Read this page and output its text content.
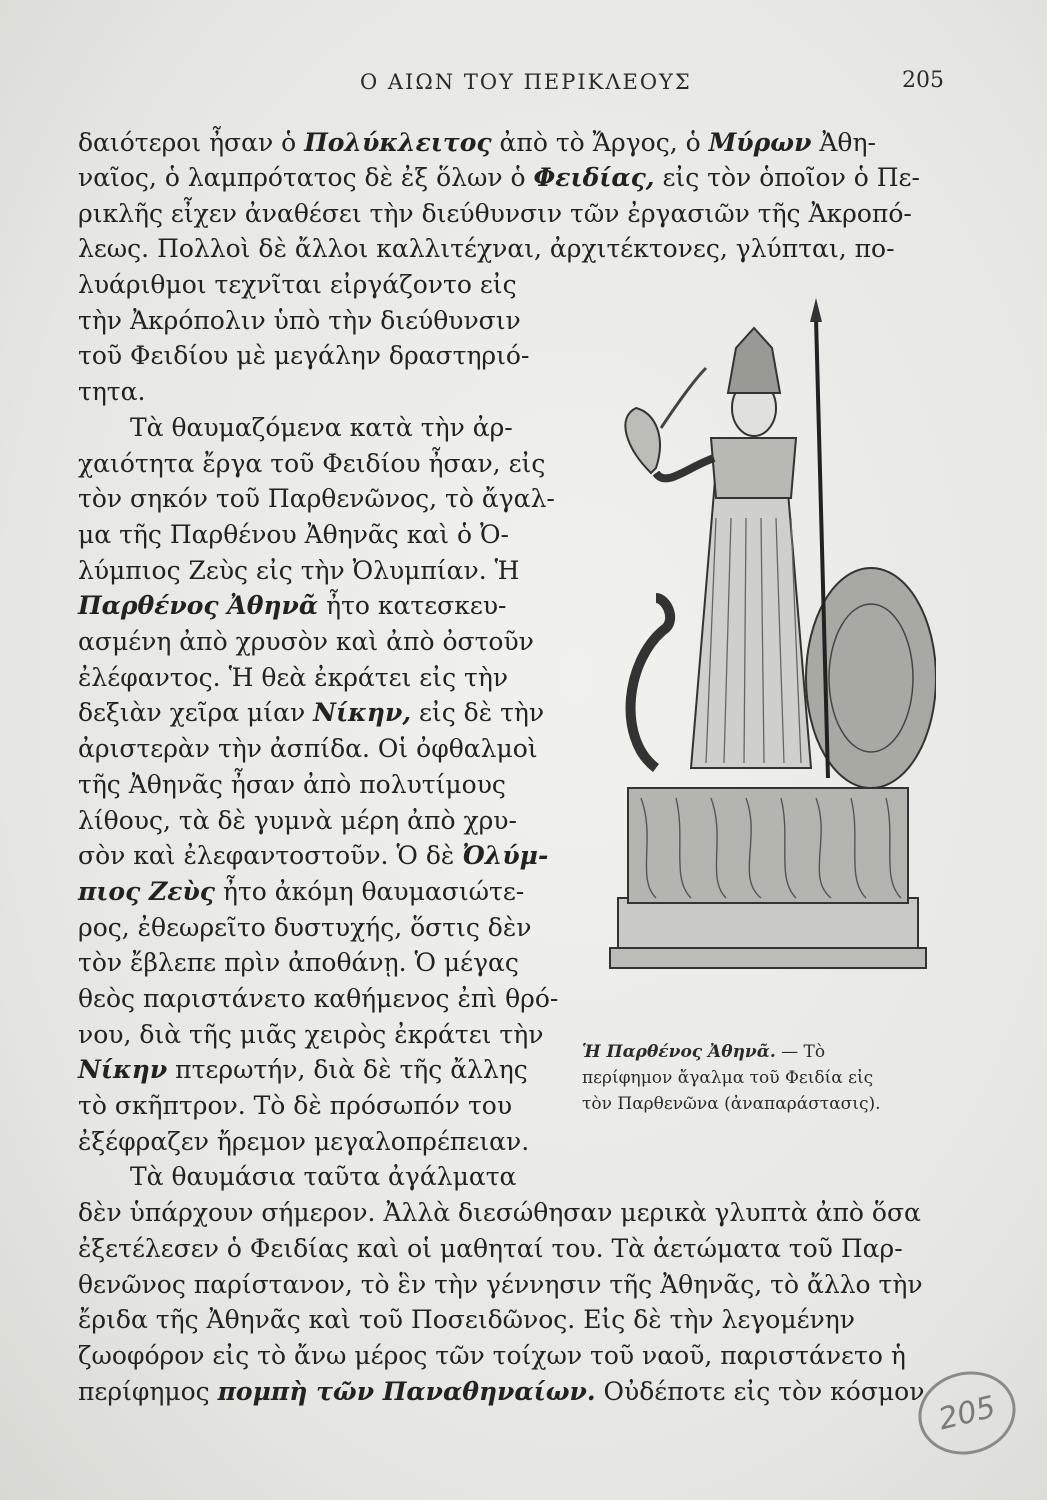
Ο ΑΙΩΝ ΤΟΥ ΠΕΡΙΚΛΕΟΥΣ	205
δαιότεροι ἦσαν ὁ Πολύκλειτος ἀπὸ τὸ Ἄργος, ὁ Μύρων Ἀθη-
ναῖος, ὁ λαμπρότατος δὲ ἐξ ὅλων ὁ Φειδίας, εἰς τὸν ὁποῖον ὁ Πε-
ρικλῆς εἶχεν ἀναθέσει τὴν διεύθυνσιν τῶν ἐργασιῶν τῆς Ἀκροπό-
λεως. Πολλοὶ δὲ ἄλλοι καλλιτέχναι, ἀρχιτέκτονες, γλύπται, πο-
λυάριθμοι τεχνῖται εἰργάζοντο εἰς
τὴν Ἀκρόπολιν ὑπὸ τὴν διεύθυνσιν
τοῦ Φειδίου μὲ μεγάλην δραστηριό-
τητα.
Τὰ θαυμαζόμενα κατὰ τὴν ἀρ-
χαιότητα ἔργα τοῦ Φειδίου ἦσαν, εἰς
τὸν σηκόν τοῦ Παρθενῶνος, τὸ ἄγαλ-
μα τῆς Παρθένου Ἀθηνᾶς καὶ ὁ Ὀ-
λύμπιος Ζεὺς εἰς τὴν Ὀλυμπίαν. Ἡ
Παρθένος Ἀθηνᾶ ἦτο κατεσκευ-
ασμένη ἀπὸ χρυσὸν καὶ ἀπὸ ὀστοῦν
ἐλέφαντος. Ἡ θεὰ ἐκράτει εἰς τὴν
δεξιὰν χεῖρα μίαν Νίκην, εἰς δὲ τὴν
ἀριστερὰν τὴν ἀσπίδα. Οἱ ὀφθαλμοὶ
τῆς Ἀθηνᾶς ἦσαν ἀπὸ πολυτίμους
λίθους, τὰ δὲ γυμνὰ μέρη ἀπὸ χρυ-
σὸν καὶ ἐλεφαντοστοῦν. Ὁ δὲ Ὀλύμ-
πιος Ζεὺς ἦτο ἀκόμη θαυμασιώτε-
ρος, ἐθεωρεῖτο δυστυχής, ὅστις δὲν
τὸν ἔβλεπε πρὶν ἀποθάνῃ. Ὁ μέγας
θεὸς παριστάνετο καθήμενος ἐπὶ θρό-
νου, διὰ τῆς μιᾶς χειρὸς ἐκράτει τὴν
Νίκην πτερωτήν, διὰ δὲ τῆς ἄλλης
τὸ σκῆπτρον. Τὸ δὲ πρόσωπόν του
ἐξέφραζεν ἤρεμον μεγαλοπρέπειαν.
Τὰ θαυμάσια ταῦτα ἀγάλματα
δὲν ὑπάρχουν σήμερον. Ἀλλὰ διεσώθησαν μερικὰ γλυπτὰ ἀπὸ ὅσα
ἐξετέλεσεν ὁ Φειδίας καὶ οἱ μαθηταί του. Τὰ ἀετώματα τοῦ Παρ-
θενῶνος παρίστανον, τὸ ἓν τὴν γέννησιν τῆς Ἀθηνᾶς, τὸ ἄλλο τὴν
ἔριδα τῆς Ἀθηνᾶς καὶ τοῦ Ποσειδῶνος. Εἰς δὲ τὴν λεγομένην
ζωοφόρον εἰς τὸ ἄνω μέρος τῶν τοίχων τοῦ ναοῦ, παριστάνετο ἡ
περίφημος πομπὴ τῶν Παναθηναίων. Οὐδέποτε εἰς τὸν κόσμον
Ἡ Παρθένος Ἀθηνᾶ. — Τὸ
περίφημον ἄγαλμα τοῦ Φειδία εἰς
τὸν Παρθενῶνα (ἀναπαράστασις).
205
